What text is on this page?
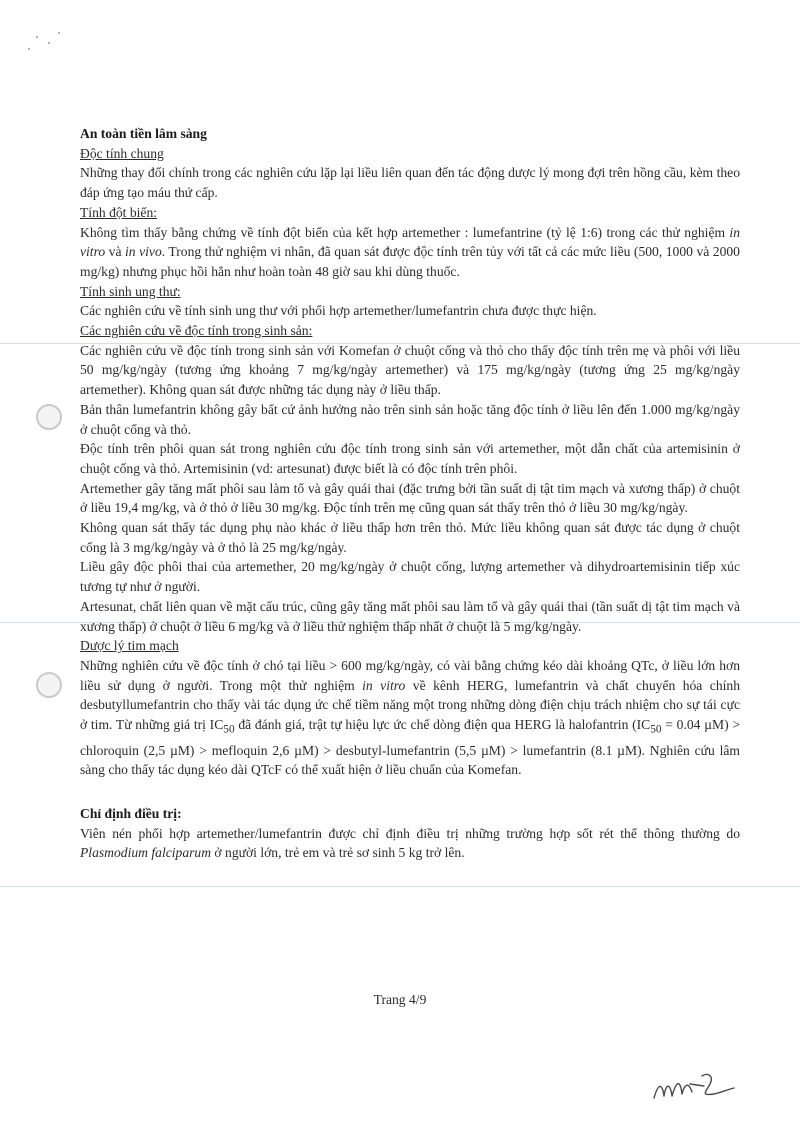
An toàn tiền lâm sàng

Độc tính chung

Những thay đổi chính trong các nghiên cứu lặp lại liều liên quan đến tác động dược lý mong đợi trên hồng cầu, kèm theo đáp ứng tạo máu thứ cấp.

Tính đột biến:

Không tìm thấy bằng chứng về tính đột biến của kết hợp artemether : lumefantrine (tỷ lệ 1:6) trong các thử nghiệm in vitro và in vivo. Trong thử nghiệm vi nhân, đã quan sát được độc tính trên tủy với tất cả các mức liều (500, 1000 và 2000 mg/kg) nhưng phục hồi hẳn như hoàn toàn 48 giờ sau khi dùng thuốc.

Tính sinh ung thư:

Các nghiên cứu về tính sinh ung thư với phối hợp artemether/lumefantrin chưa được thực hiện.

Các nghiên cứu về độc tính trong sinh sản:

Các nghiên cứu về độc tính trong sinh sản với Komefan ở chuột cống và thỏ cho thấy độc tính trên mẹ và phôi với liều 50 mg/kg/ngày (tương ứng khoảng 7 mg/kg/ngày artemether) và 175 mg/kg/ngày (tương ứng 25 mg/kg/ngày artemether). Không quan sát được những tác dụng này ở liều thấp.

Bản thân lumefantrin không gây bất cứ ảnh hưởng nào trên sinh sản hoặc tăng độc tính ở liều lên đến 1.000 mg/kg/ngày ở chuột cống và thỏ.

Độc tính trên phôi quan sát trong nghiên cứu độc tính trong sinh sản với artemether, một dẫn chất của artemisinin ở chuột cống và thỏ. Artemisinin (vd: artesunat) được biết là có độc tính trên phôi.

Artemether gây tăng mất phôi sau làm tổ và gây quái thai (đặc trưng bởi tần suất dị tật tim mạch và xương thấp) ở chuột ở liều 19,4 mg/kg, và ở thỏ ở liều 30 mg/kg. Độc tính trên mẹ cũng quan sát thấy trên thỏ ở liều 30 mg/kg/ngày.

Không quan sát thấy tác dụng phụ nào khác ở liều thấp hơn trên thỏ. Mức liều không quan sát được tác dụng ở chuột cống là 3 mg/kg/ngày và ở thỏ là 25 mg/kg/ngày.

Liều gây độc phôi thai của artemether, 20 mg/kg/ngày ở chuột cống, lượng artemether và dihydroartemisinin tiếp xúc tương tự như ở người.

Artesunat, chất liên quan về mặt cấu trúc, cũng gây tăng mất phôi sau làm tổ và gây quái thai (tần suất dị tật tim mạch và xương thấp) ở chuột ở liều 6 mg/kg và ở liều thử nghiệm thấp nhất ở chuột là 5 mg/kg/ngày.

Dược lý tim mạch

Những nghiên cứu về độc tính ở chó tại liều > 600 mg/kg/ngày, có vài bằng chứng kéo dài khoảng QTc, ở liều lớn hơn liều sử dụng ở người. Trong một thử nghiệm in vitro về kênh HERG, lumefantrin và chất chuyển hóa chính desbutyllumefantrin cho thấy vài tác dụng ức chế tiềm năng một trong những dòng điện chịu trách nhiệm cho sự tái cực ở tim. Từ những giá trị $IC_{50}$ đã đánh giá, trật tự hiệu lực ức chế dòng điện qua HERG là halofantrin ($IC_{50} = 0.04$ µM) > chloroquin (2,5 µM) > mefloquin 2,6 µM) > desbutyl-lumefantrin (5,5 µM) > lumefantrin (8.1 µM). Nghiên cứu lâm sàng cho thấy tác dụng kéo dài QTcF có thể xuất hiện ở liều chuẩn của Komefan.

Chỉ định điều trị:

Viên nén phối hợp artemether/lumefantrin được chỉ định điều trị những trường hợp sốt rét thể thông thường do Plasmodium falciparum ở người lớn, trẻ em và trẻ sơ sinh 5 kg trở lên.

Trang 4/9
